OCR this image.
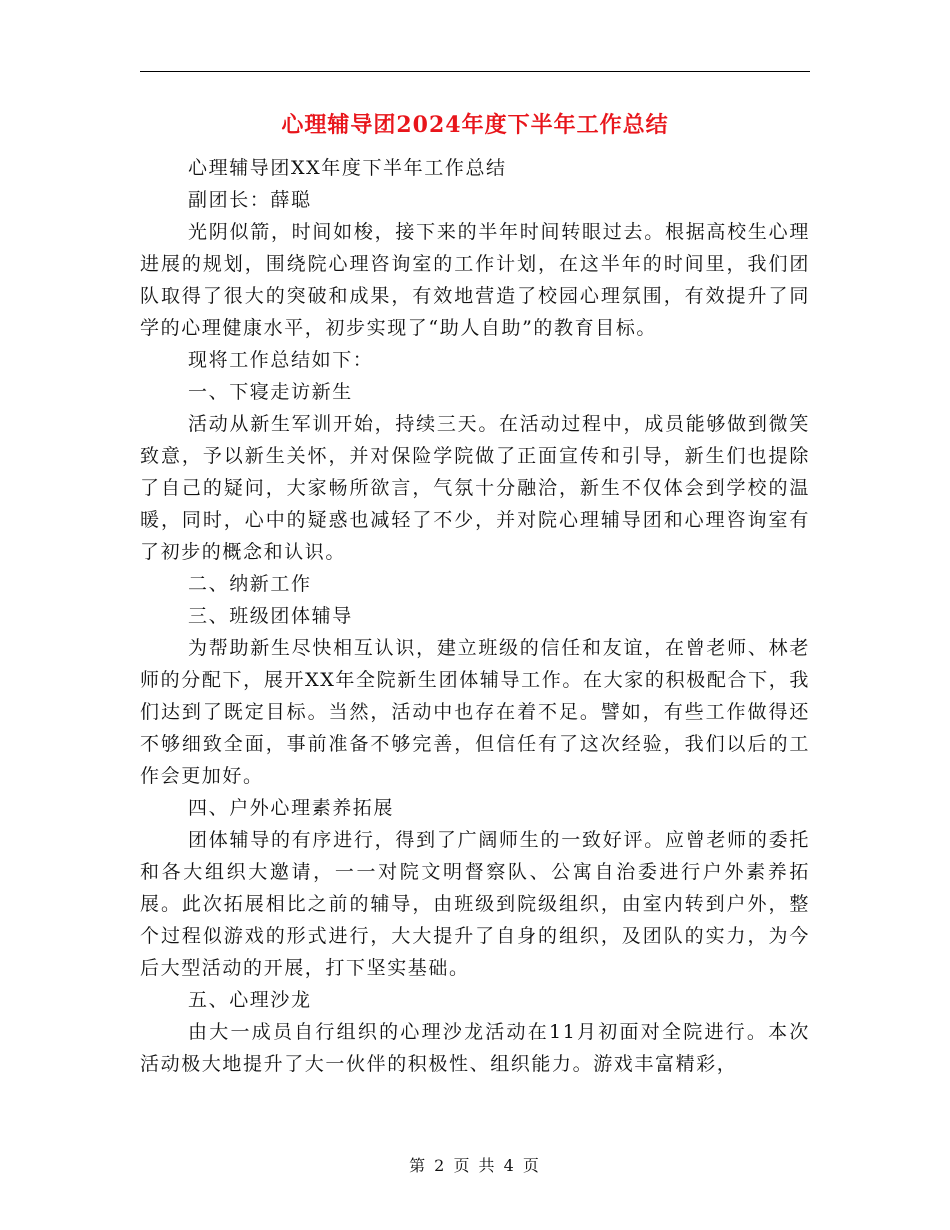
心理辅导团2024年度下半年工作总结

心理辅导团XX年度下半年工作总结

副团长：薛聪

光阴似箭，时间如梭，接下来的半年时间转眼过去。根据高校生心理进展的规划，围绕院心理咨询室的工作计划，在这半年的时间里，我们团队取得了很大的突破和成果，有效地营造了校园心理氛围，有效提升了同学的心理健康水平，初步实现了“助人自助”的教育目标。

现将工作总结如下：

一、下寝走访新生

活动从新生军训开始，持续三天。在活动过程中，成员能够做到微笑致意，予以新生关怀，并对保险学院做了正面宣传和引导，新生们也提除了自己的疑问，大家畅所欲言，气氛十分融洽，新生不仅体会到学校的温暖，同时，心中的疑惑也减轻了不少，并对院心理辅导团和心理咨询室有了初步的概念和认识。

二、纳新工作

三、班级团体辅导

为帮助新生尽快相互认识，建立班级的信任和友谊，在曾老师、林老师的分配下，展开XX年全院新生团体辅导工作。在大家的积极配合下，我们达到了既定目标。当然，活动中也存在着不足。譬如，有些工作做得还不够细致全面，事前准备不够完善，但信任有了这次经验，我们以后的工作会更加好。

四、户外心理素养拓展

团体辅导的有序进行，得到了广阔师生的一致好评。应曾老师的委托和各大组织大邀请，一一对院文明督察队、公寓自治委进行户外素养拓展。此次拓展相比之前的辅导，由班级到院级组织，由室内转到户外，整个过程似游戏的形式进行，大大提升了自身的组织，及团队的实力，为今后大型活动的开展，打下坚实基础。

五、心理沙龙

由大一成员自行组织的心理沙龙活动在11月初面对全院进行。本次活动极大地提升了大一伙伴的积极性、组织能力。游戏丰富精彩，

第 2 页 共 4 页
